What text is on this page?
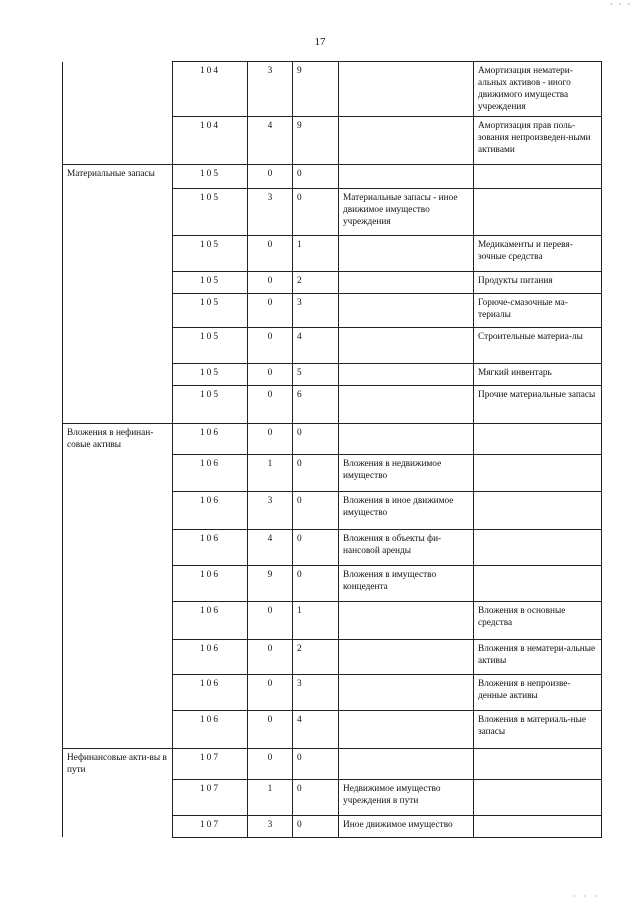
17
· · ·
	104	3	9		Амортизация нематери-альных активов - иного движимого имущества учреждения
	104	4	9		Амортизация прав поль-зования непроизведен-ными активами
Материальные запасы	105	0	0		
	105	3	0	Материальные запасы - иное движимое имущество учреждения	
	105	0	1		Медикаменты и перевя-зочные средства
	105	0	2		Продукты питания
	105	0	3		Горюче-смазочные ма-териалы
	105	0	4		Строительные материа-лы
	105	0	5		Мягкий инвентарь
	105	0	6		Прочие материальные запасы
Вложения в нефинан-совые активы	106	0	0		
	106	1	0	Вложения в недвижимое имущество	
	106	3	0	Вложения в иное движимое имущество	
	106	4	0	Вложения в объекты фи-нансовой аренды	
	106	9	0	Вложения в имущество концедента	
	106	0	1		Вложения в основные средства
	106	0	2		Вложения в нематери-альные активы
	106	0	3		Вложения в непроизве-денные активы
	106	0	4		Вложения в материаль-ные запасы
Нефинансовые акти-вы в пути	107	0	0		
	107	1	0	Недвижимое имущество учреждения в пути	
	107	3	0	Иное движимое имущество	
· · ·
